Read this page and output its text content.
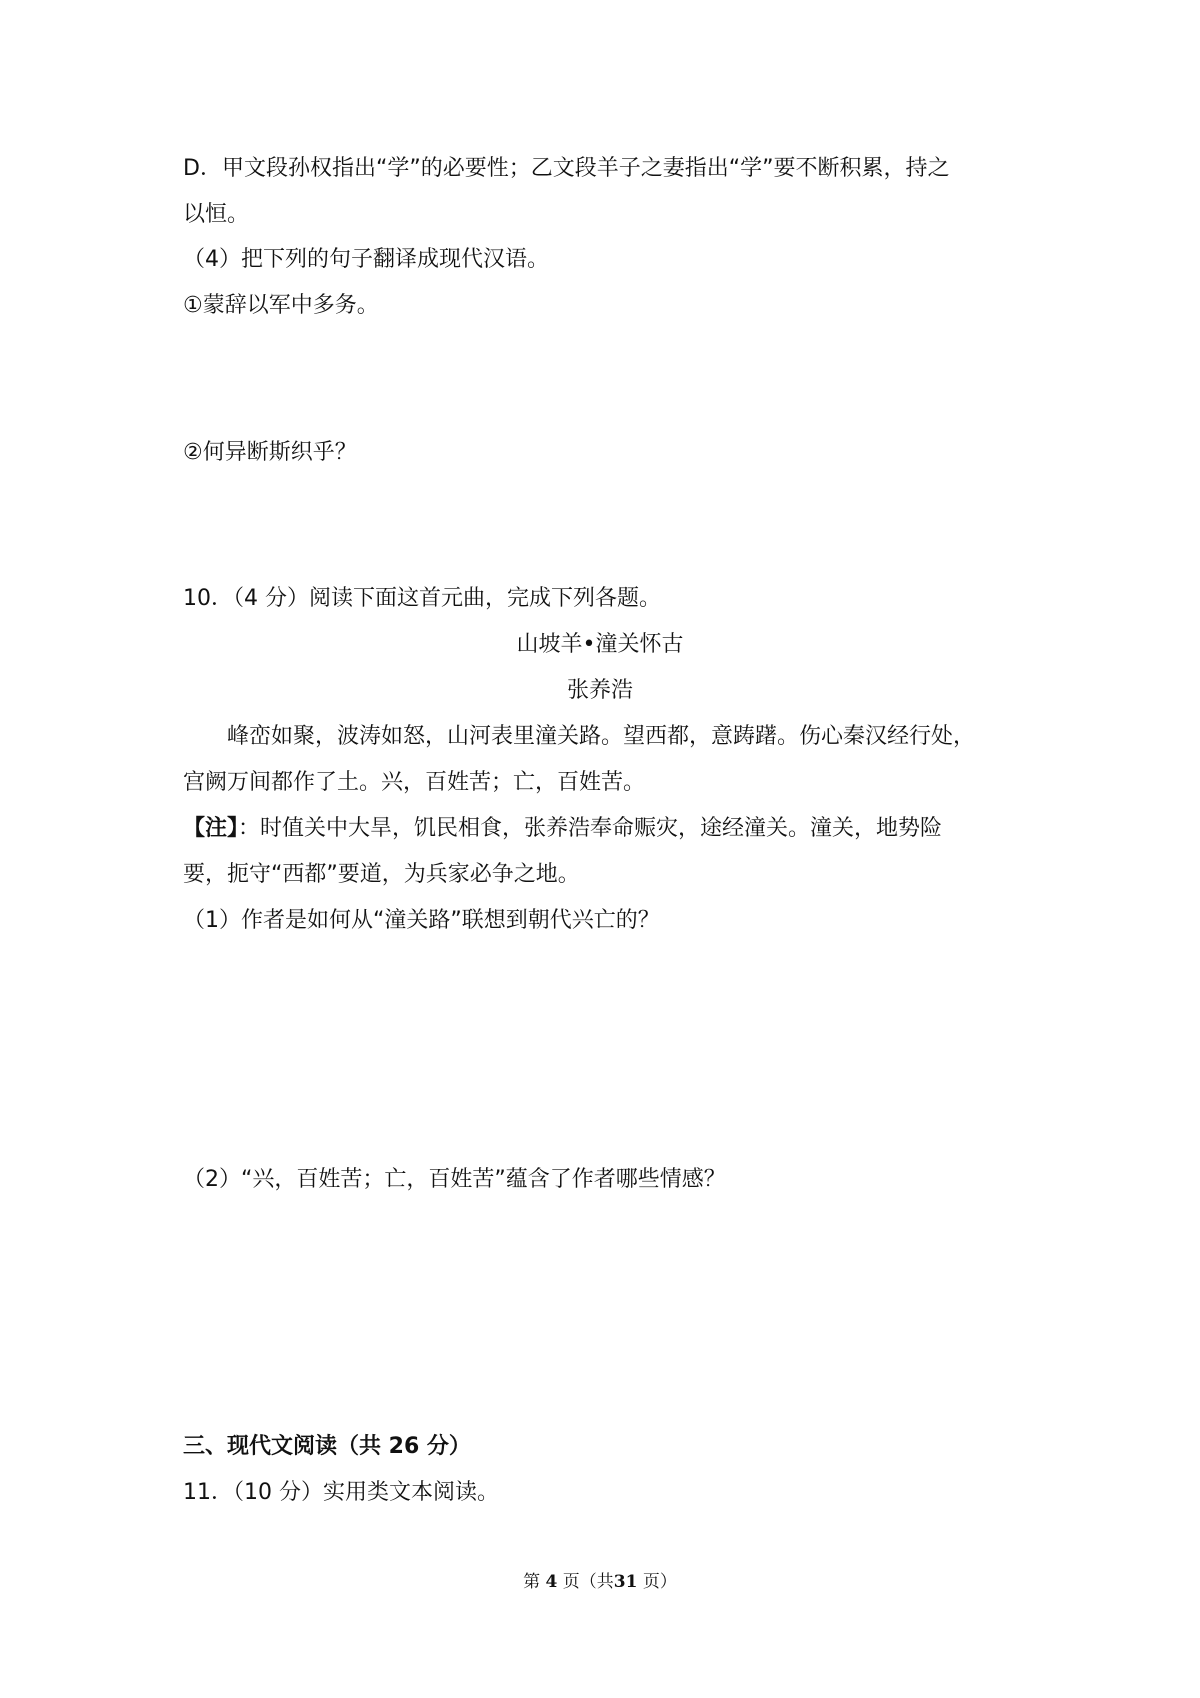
D．甲文段孙权指出“学”的必要性；乙文段羊子之妻指出“学”要不断积累，持之
以恒。
（4）把下列的句子翻译成现代汉语。
①蒙辞以军中多务。
②何异断斯织乎？
10．（4 分）阅读下面这首元曲，完成下列各题。
山坡羊•潼关怀古
张养浩
峰峦如聚，波涛如怒，山河表里潼关路。望西都，意踌躇。伤心秦汉经行处，
宫阙万间都作了土。兴，百姓苦；亡，百姓苦。
【注】：时值关中大旱，饥民相食，张养浩奉命赈灾，途经潼关。潼关，地势险
要，扼守“西都”要道，为兵家必争之地。
（1）作者是如何从“潼关路”联想到朝代兴亡的？
（2）“兴，百姓苦；亡，百姓苦”蕴含了作者哪些情感？
三、现代文阅读（共 26 分）
11．（10 分）实用类文本阅读。
第 4 页（共31 页）
